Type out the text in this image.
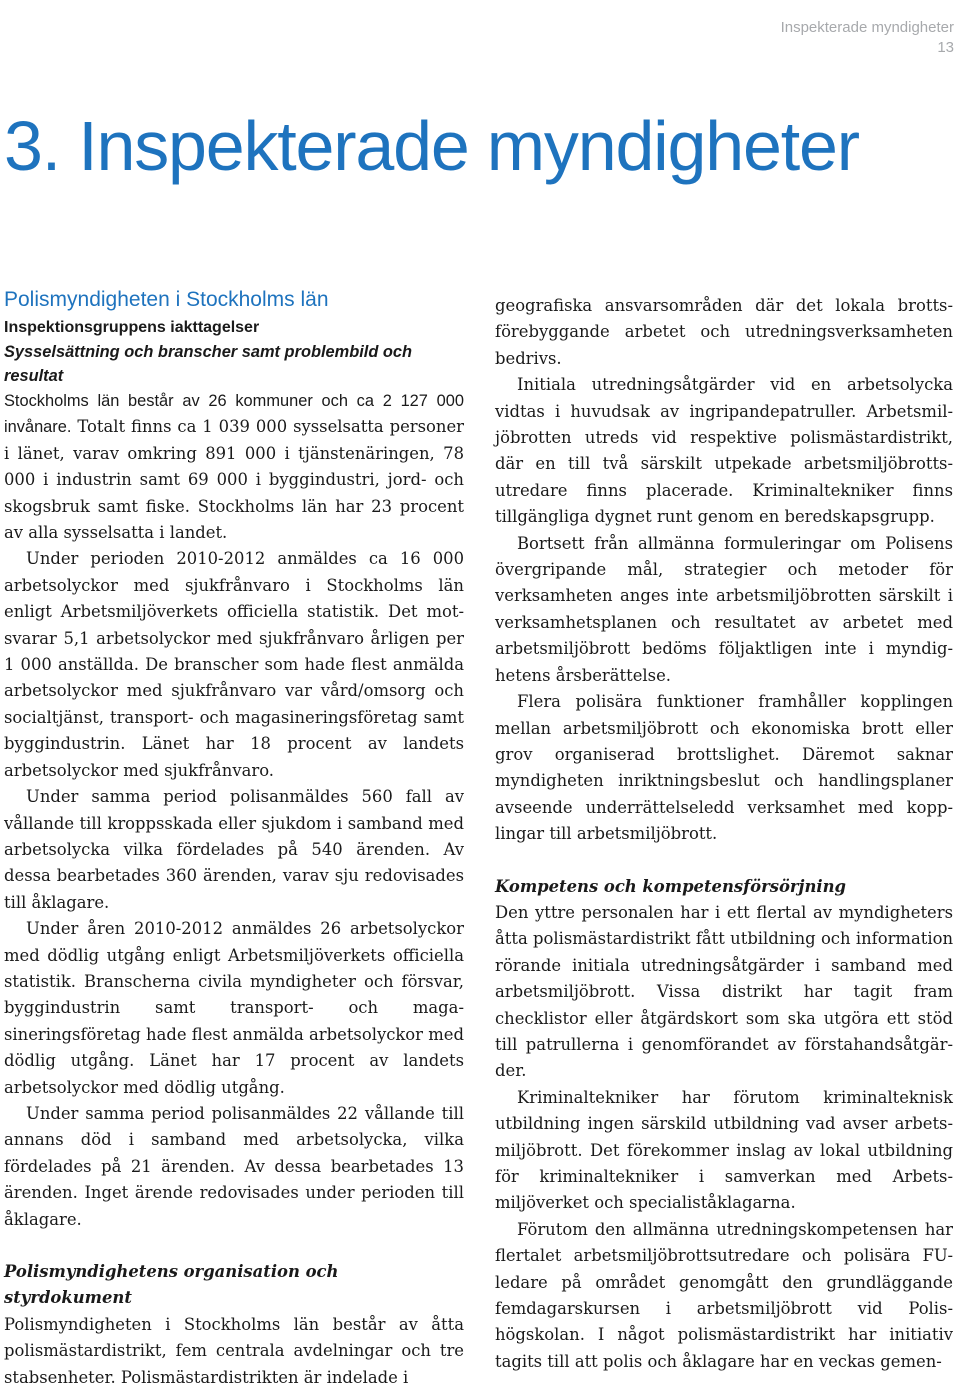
Inspekterade myndigheter
13
3. Inspekterade myndigheter
Polismyndigheten i Stockholms län
Inspektionsgruppens iakttagelser
Sysselsättning och branscher samt problembild och resultat

Stockholms län består av 26 kommuner och ca 2 127 000 invånare. Totalt finns ca 1 039 000 sysselsatta personer i länet, varav omkring 891 000 i tjänstenäringen, 78 000 i industrin samt 69 000 i byggindustri, jord- och skogsbruk samt fiske. Stockholms län har 23 procent av alla sysselsatta i landet.

Under perioden 2010-2012 anmäldes ca 16 000 arbetsolyckor med sjukfrånvaro i Stockholms län enligt Arbetsmiljöverkets officiella statistik. Det motsvarar 5,1 arbetsolyckor med sjukfrånvaro årligen per 1 000 anställda. De branscher som hade flest anmälda arbetsolyckor med sjukfrånvaro var vård/omsorg och socialtjänst, transport- och magasineringsföretag samt byggindustrin. Länet har 18 procent av landets arbetsolyckor med sjukfrånvaro.

Under samma period polisanmäldes 560 fall av vållande till kroppsskada eller sjukdom i samband med arbetsolycka vilka fördelades på 540 ärenden. Av dessa bearbetades 360 ärenden, varav sju redovisades till åklagare.

Under åren 2010-2012 anmäldes 26 arbetsolyckor med dödlig utgång enligt Arbetsmiljöverkets officiella statistik. Branscherna civila myndigheter och försvar, byggindustrin samt transport- och magasineringsföretag hade flest anmälda arbetsolyckor med dödlig utgång. Länet har 17 procent av landets arbetsolyckor med dödlig utgång.

Under samma period polisanmäldes 22 vållande till annans död i samband med arbetsolycka, vilka fördelades på 21 ärenden. Av dessa bearbetades 13 ärenden. Inget ärende redovisades under perioden till åklagare.

Polismyndighetens organisation och styrdokument

Polismyndigheten i Stockholms län består av åtta polismästardistrikt, fem centrala avdelningar och tre stabsenheter. Polismästardistrikten är indelade i

geografiska ansvarsområden där det lokala brottsförebyggande arbetet och utredningsverksamheten bedrivs.

Initiala utredningsåtgärder vid en arbetsolycka vidtas i huvudsak av ingripandepatruller. Arbetsmiljöbrotten utreds vid respektive polismästardistrikt, där en till två särskilt utpekade arbetsmiljöbrottsutredare finns placerade. Kriminaltekniker finns tillgängliga dygnet runt genom en beredskapsgrupp.

Bortsett från allmänna formuleringar om Polisens övergripande mål, strategier och metoder för verksamheten anges inte arbetsmiljöbrotten särskilt i verksamhetsplanen och resultatet av arbetet med arbetsmiljöbrott bedöms följaktligen inte i myndighetens årsberättelse.

Flera polisära funktioner framhåller kopplingen mellan arbetsmiljöbrott och ekonomiska brott eller grov organiserad brottslighet. Däremot saknar myndigheten inriktningsbeslut och handlingsplaner avseende underrättelseledd verksamhet med kopplingar till arbetsmiljöbrott.

Kompetens och kompetensförsörjning

Den yttre personalen har i ett flertal av myndigheters åtta polismästardistrikt fått utbildning och information rörande initiala utredningsåtgärder i samband med arbetsmiljöbrott. Vissa distrikt har tagit fram checklistor eller åtgärdskort som ska utgöra ett stöd till patrullerna i genomförandet av förstahandsåtgärder.

Kriminaltekniker har förutom kriminalteknisk utbildning ingen särskild utbildning vad avser arbetsmiljöbrott. Det förekommer inslag av lokal utbildning för kriminaltekniker i samverkan med Arbetsmiljöverket och specialiståklagarna.

Förutom den allmänna utredningskompetensen har flertalet arbetsmiljöbrottsutredare och polisära FU-ledare på området genomgått den grundläggande femdagarskursen i arbetsmiljöbrott vid Polishögskolan. I något polismästardistrikt har initiativ tagits till att polis och åklagare har en veckas gemen-
